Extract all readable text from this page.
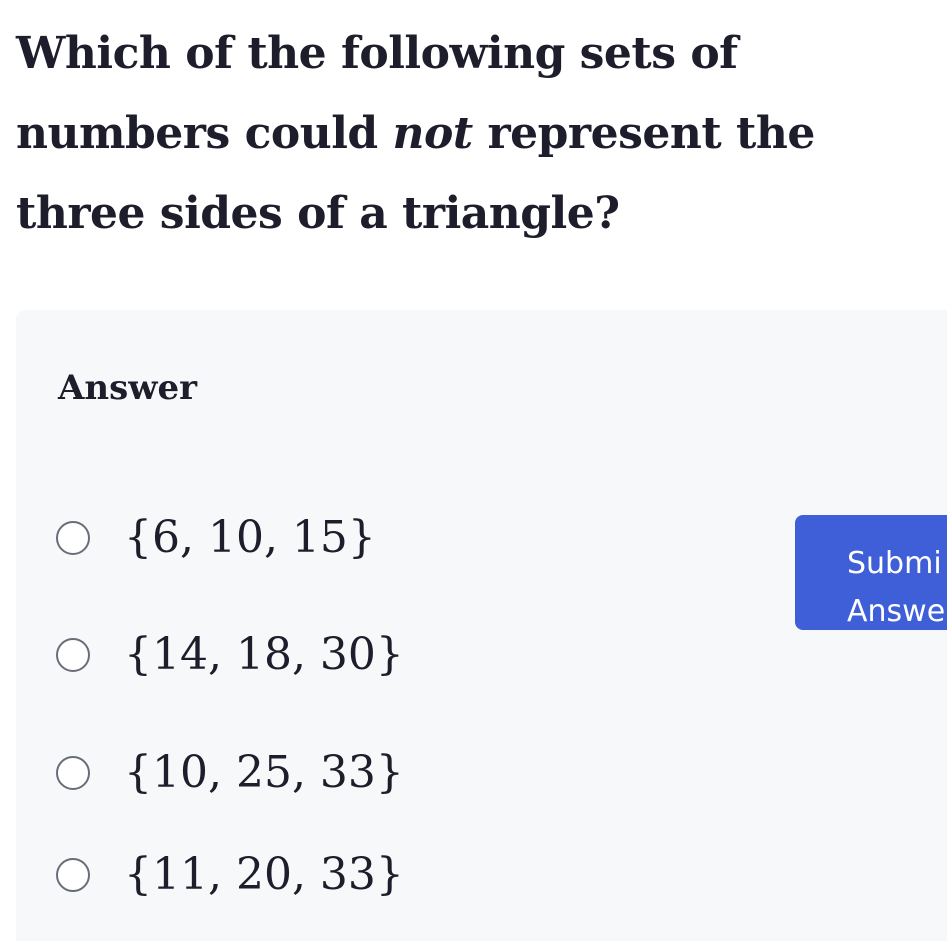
Which of the following sets of numbers could not represent the three sides of a triangle?

Answer
{6, 10, 15}
{14, 18, 30}
{10, 25, 33}
{11, 20, 33}
Submi
Answe
